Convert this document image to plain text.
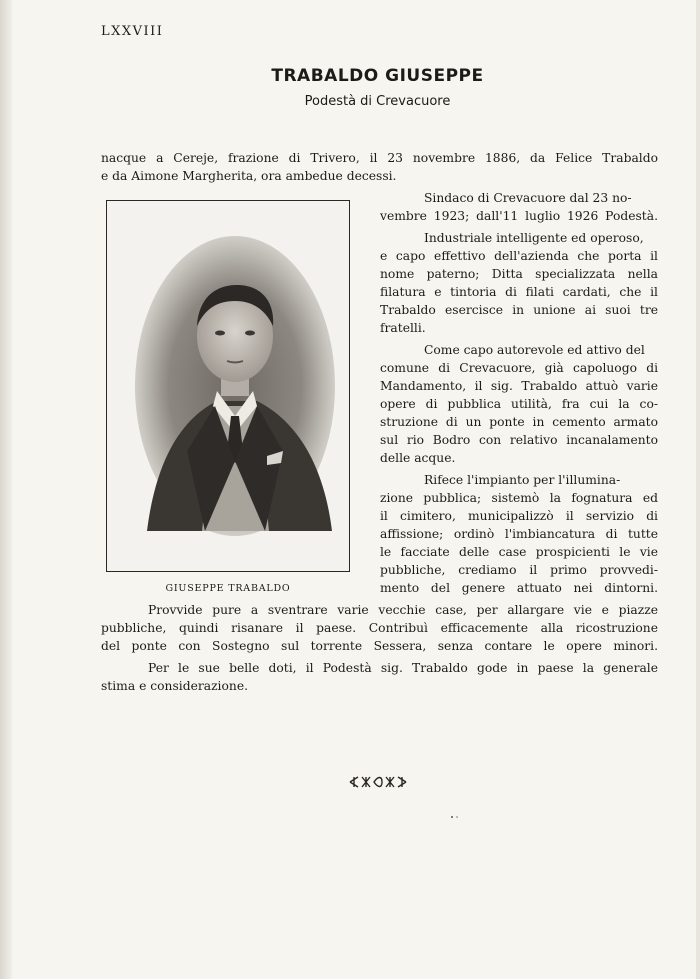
LXXVIII
TRABALDO GIUSEPPE
Podestà di Crevacuore
nacque a Cereje, frazione di Trivero, il 23 novembre 1886, da Felice Trabaldo
e da Aimone Margherita, ora ambedue decessi.
Sindaco di Crevacuore dal 23 no-
vembre 1923; dall'11 luglio 1926 Podestà.
Industriale intelligente ed operoso,
e capo effettivo dell'azienda che porta il
nome paterno; Ditta specializzata nella
filatura e tintoria di filati cardati, che il
Trabaldo esercisce in unione ai suoi tre
fratelli.
Come capo autorevole ed attivo del
comune di Crevacuore, già capoluogo di
Mandamento, il sig. Trabaldo attuò varie
opere di pubblica utilità, fra cui la co-
struzione di un ponte in cemento armato
sul rio Bodro con relativo incanalamento
delle acque.
Rifece l'impianto per l'illumina-
zione pubblica; sistemò la fognatura ed
il cimitero, municipalizzò il servizio di
affissione; ordinò l'imbiancatura di tutte
le facciate delle case prospicienti le vie
pubbliche, crediamo il primo provvedi-
mento del genere attuato nei dintorni.
Provvide pure a sventrare varie vecchie case, per allargare vie e piazze
pubbliche, quindi risanare il paese. Contribuì efficacemente alla ricostruzione
del ponte con Sostegno sul torrente Sessera, senza contare le opere minori.
Per le sue belle doti, il Podestà sig. Trabaldo gode in paese la generale
stima e considerazione.
GIUSEPPE TRABALDO
